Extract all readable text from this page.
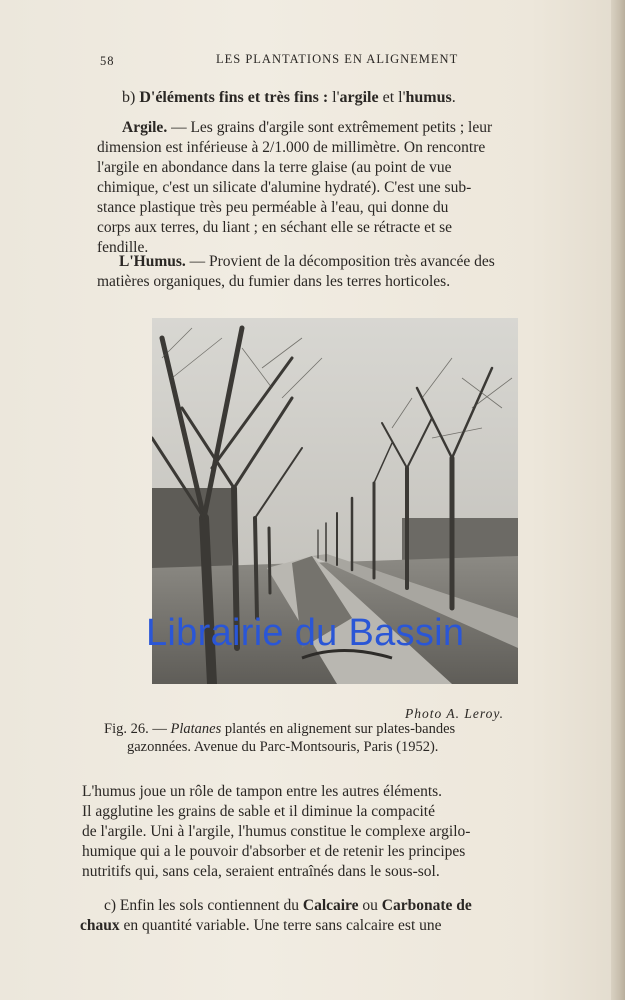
58	LES PLANTATIONS EN ALIGNEMENT
b) D'éléments fins et très fins : l'argile et l'humus.
Argile. — Les grains d'argile sont extrêmement petits ; leur
dimension est inférieuse à 2/1.000 de millimètre. On rencontre
l'argile en abondance dans la terre glaise (au point de vue
chimique, c'est un silicate d'alumine hydraté). C'est une sub-
stance plastique très peu perméable à l'eau, qui donne du
corps aux terres, du liant ; en séchant elle se rétracte et se
fendille.
L'Humus. — Provient de la décomposition très avancée des
matières organiques, du fumier dans les terres horticoles.
Librairie du Bassin
Photo A. Leroy.
Fig. 26. — Platanes plantés en alignement sur plates-bandes
gazonnées. Avenue du Parc-Montsouris, Paris (1952).
L'humus joue un rôle de tampon entre les autres éléments.
Il agglutine les grains de sable et il diminue la compacité
de l'argile. Uni à l'argile, l'humus constitue le complexe argilo-
humique qui a le pouvoir d'absorber et de retenir les principes
nutritifs qui, sans cela, seraient entraînés dans le sous-sol.
c) Enfin les sols contiennent du Calcaire ou Carbonate de
chaux en quantité variable. Une terre sans calcaire est une
